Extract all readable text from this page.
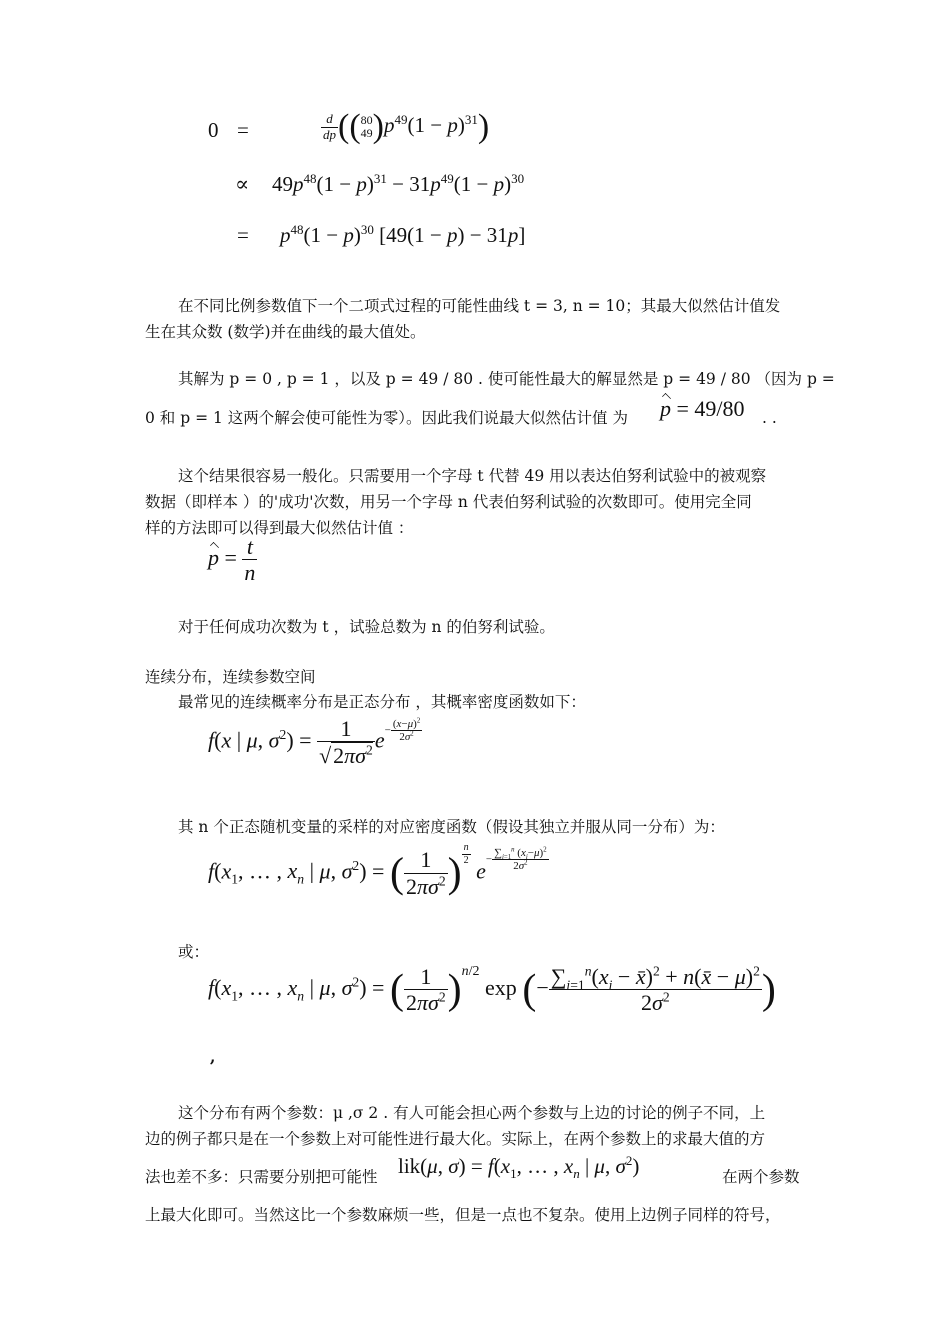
0 =	$\frac{d}{dp}$ (( 80
49 )$p^{49}(1 - p)^{31}$)
∝ $49p^{48}(1 - p)^{31} - 31p^{49}(1 - p)^{30}$
= $p^{48}(1 - p)^{30}$ [49(1 − p) − 31p]
在不同比例参数值下一个二项式过程的可能性曲线 t = 3, n = 10；其最大似然估计值发
生在其众数 (数学)并在曲线的最大值处。
其解为 p = 0 , p = 1 ，以及 p = 49 / 80 . 使可能性最大的解显然是 p = 49 / 80 （因为 p =
0 和 p = 1 这两个解会使可能性为零）。因此我们说最大似然估计值 为 p = 49/80 . .
这个结果很容易一般化。只需要用一个字母 t 代替 49 用以表达伯努利试验中的被观察
数据（即样本 ）的'成功'次数，用另一个字母 n 代表伯努利试验的次数即可。使用完全同
样的方法即可以得到最大似然估计值 ：
$p = \frac{t}{n}$
对于任何成功次数为 t ，试验总数为 n 的伯努利试验。
连续分布，连续参数空间
最常见的连续概率分布是正态分布 ，其概率密度函数如下：
f(x | μ, $\sigma^2) = \frac{1}{√2\pi\sigma^2} e- \frac{(x-\mu)^2}{2\sigma^2}$
其 n 个正态随机变量的采样的对应密度函数（假设其独立并服从同一分布）为：
$f(x_1$, … , $x_n$ | μ, $\sigma^2$) = ( $\frac{1}{2\pi\sigma^2}$ ) $\frac{n}{2}$
$e- \frac{\sum_{i=1}^n (x_i-\mu)^2}{2\sigma^2}$
或：
$f(x_1$, … , $x_n$ | μ, $\sigma^2$) = ( $\frac{1}{2\pi\sigma^2} )n/2$ exp (− $\frac{\sum_{i=1}^n(x_i - x̄)^2 + n(x̄ - \mu)^2}{2\sigma^2}$ )
,
这个分布有两个参数：μ ,σ 2 . 有人可能会担心两个参数与上边的讨论的例子不同，上
边的例子都只是在一个参数上对可能性进行最大化。实际上，在两个参数上的求最大值的方
法也差不多：只需要分别把可能性 lik(μ, $\sigma) = f(x_1$, … , $x_n$ | μ, $\sigma^2$)	在两个参数
上最大化即可。当然这比一个参数麻烦一些，但是一点也不复杂。使用上边例子同样的符号，
